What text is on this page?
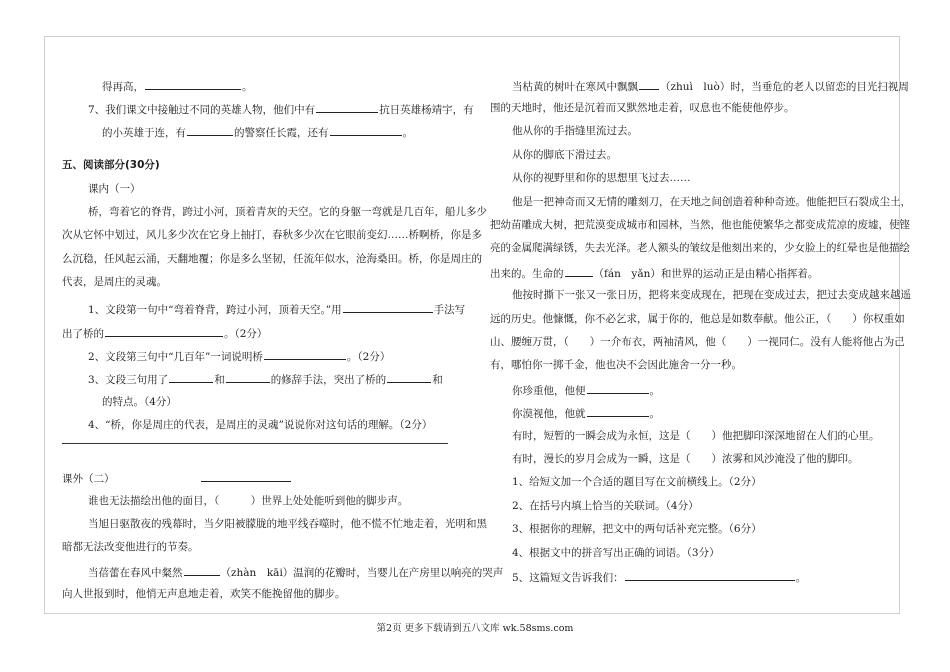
得再高，	。
7、我们课文中接触过不同的英雄人物，他们中有	抗日英雄杨靖宇，有
的小英雄于连，有	的警察任长霞，还有	。
五、阅读部分(30分)
课内（一）
桥，弯着它的脊背，跨过小河，顶着青灰的天空。它的身躯一弯就是几百年，船儿多少
次从它怀中划过，风儿多少次在它身上抽打，春秋多少次在它眼前变幻……桥啊桥，你是多
么沉稳，任风起云涌，天翻地覆；你是多么坚韧，任流年似水，沧海桑田。桥，你是周庄的
代表，是周庄的灵魂。
1、文段第一句中“弯着脊背，跨过小河，顶着天空。”用	手法写
出了桥的	。（2分）
2、文段第三句中“几百年”一词说明桥	。（2分）
3、文段三句用了	和	的修辞手法，突出了桥的	和
的特点。（4分）
4、“桥，你是周庄的代表，是周庄的灵魂”说说你对这句话的理解。（2分）
课外（二）
谁也无法描绘出他的面目，（　　　）世界上处处能听到他的脚步声。
当旭日驱散夜的残幕时，当夕阳被朦胧的地平线吞噬时，他不慌不忙地走着，光明和黑
暗都无法改变他进行的节奏。
当蓓蕾在春风中粲然	（zhàn　kāi）温润的花瓣时，当婴儿在产房里以响亮的哭声
向人世报到时，他悄无声息地走着，欢笑不能挽留他的脚步。
当枯黄的树叶在寒风中飘飘 （zhuì　luò）时，当垂危的老人以留恋的目光扫视周
围的天地时，他还是沉着而又默然地走着，叹息也不能使他停步。
他从你的手指缝里流过去。
从你的脚底下滑过去。
从你的视野里和你的思想里飞过去……
他是一把神奇而又无情的雕刻刀，在天地之间创造着种种奇迹。他能把巨石裂成尘土，
把幼苗雕成大树，把荒漠变成城市和园林，当然，他也能使繁华之都变成荒凉的废墟，使铿
亮的金属爬满绿锈，失去光泽。老人额头的皱纹是他刻出来的，少女脸上的红晕也是他描绘
出来的。生命的	（fán　yǎn）和世界的运动正是由精心指挥着。
他按时撕下一张又一张日历，把将来变成现在，把现在变成过去，把过去变成越来越遥
远的历史。他慷慨，你不必乞求，属于你的，他总是如数奉献。他公正，（　　）你权重如
山、腰缠万贯，（　　）一介布衣，两袖清风，他（　　）一视同仁。没有人能将他占为己
有，哪怕你一掷千金，他也决不会因此施舍一分一秒。
你珍重他，他便	。
你漠视他，他就	。
有时，短暂的一瞬会成为永恒，这是（　　）他把脚印深深地留在人们的心里。
有时，漫长的岁月会成为一瞬，这是（　　）浓雾和风沙淹没了他的脚印。
1、给短文加一个合适的题目写在文前横线上。（2分）
2、在括号内填上恰当的关联词。（4分）
3、根据你的理解，把文中的两句话补充完整。（6分）
4、根据文中的拼音写出正确的词语。（3分）
5、这篇短文告诉我们：	。
第2页 更多下载请到五八文库 wk.58sms.com
